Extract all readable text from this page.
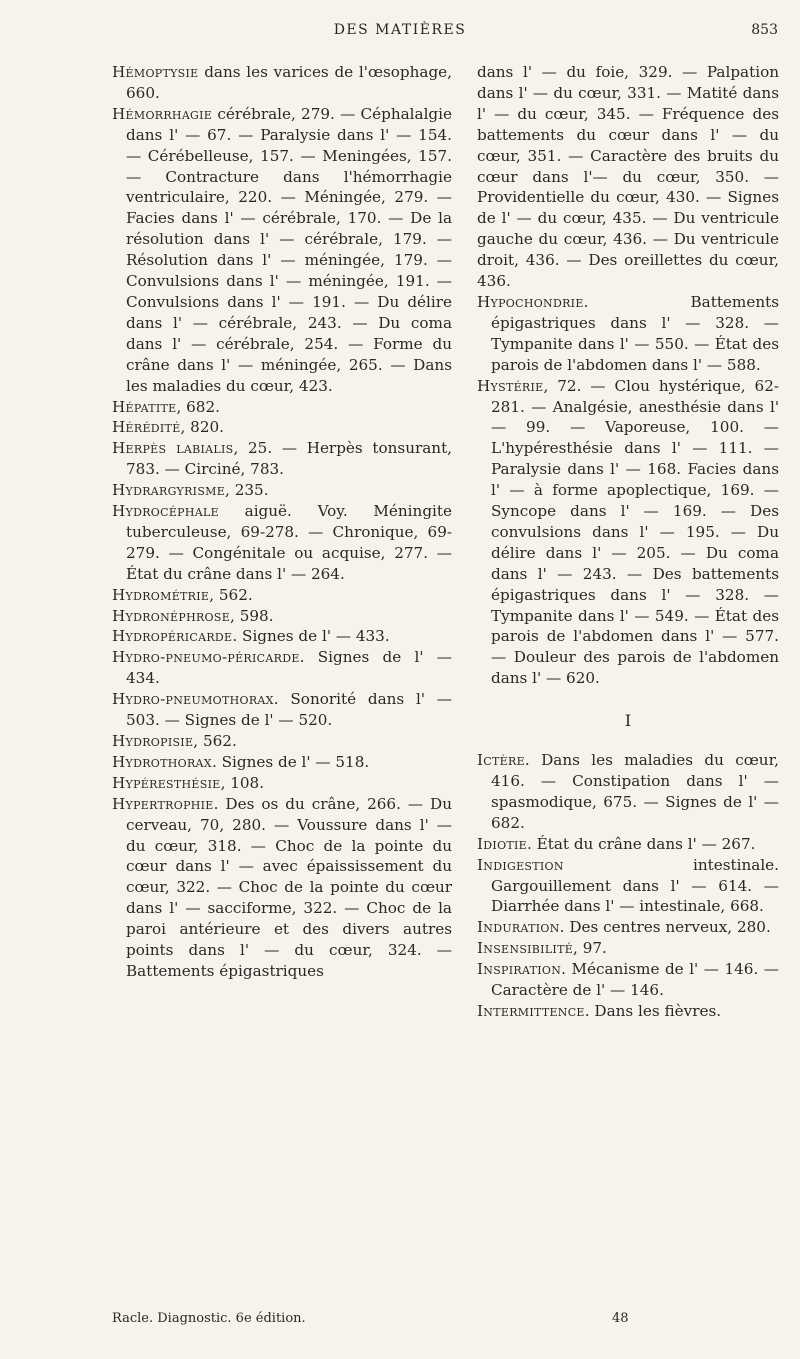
DES MATIÈRES	853

Hémoptysie dans les varices de l'œsophage, 660.

Hémorrhagie cérébrale, 279. — Céphalalgie dans l' — 67. — Paralysie dans l' — 154. — Cérébelleuse, 157. — Meningées, 157. — Contracture dans l'hémorrhagie ventriculaire, 220. — Méningée, 279. — Facies dans l' — cérébrale, 170. — De la résolution dans l' — cérébrale, 179. — Résolution dans l' — méningée, 179. — Convulsions dans l' — méningée, 191. — Convulsions dans l' — 191. — Du délire dans l' — cérébrale, 243. — Du coma dans l' — cérébrale, 254. — Forme du crâne dans l' — méningée, 265. — Dans les maladies du cœur, 423.

Hépatite, 682.

Hérédité, 820.

Herpès labialis, 25. — Herpès tonsurant, 783. — Circiné, 783.

Hydrargyrisme, 235.

Hydrocéphale aiguë. Voy. Méningite tuberculeuse, 69-278. — Chronique, 69-279. — Congénitale ou acquise, 277. — État du crâne dans l' — 264.

Hydrométrie, 562.

Hydronéphrose, 598.

Hydropéricarde. Signes de l' — 433.

Hydro-pneumo-péricarde. Signes de l' — 434.

Hydro-pneumothorax. Sonorité dans l' — 503. — Signes de l' — 520.

Hydropisie, 562.

Hydrothorax. Signes de l' — 518.

Hypéresthésie, 108.

Hypertrophie. Des os du crâne, 266. — Du cerveau, 70, 280. — Voussure dans l' — du cœur, 318. — Choc de la pointe du cœur dans l' — avec épaississement du cœur, 322. — Choc de la pointe du cœur dans l' — sacciforme, 322. — Choc de la paroi antérieure et des divers autres points dans l' — du cœur, 324. — Battements épigastriques

dans l' — du foie, 329. — Palpation dans l' — du cœur, 331. — Matité dans l' — du cœur, 345. — Fréquence des battements du cœur dans l' — du cœur, 351. — Caractère des bruits du cœur dans l'— du cœur, 350. — Providentielle du cœur, 430. — Signes de l' — du cœur, 435. — Du ventricule gauche du cœur, 436. — Du ventricule droit, 436. — Des oreillettes du cœur, 436.

Hypochondrie. Battements épigastriques dans l' — 328. — Tympanite dans l' — 550. — État des parois de l'abdomen dans l' — 588.

Hystérie, 72. — Clou hystérique, 62-281. — Analgésie, anesthésie dans l' — 99. — Vaporeuse, 100. — L'hypéresthésie dans l' — 111. — Paralysie dans l' — 168. Facies dans l' — à forme apoplectique, 169. — Syncope dans l' — 169. — Des convulsions dans l' — 195. — Du délire dans l' — 205. — Du coma dans l' — 243. — Des battements épigastriques dans l' — 328. — Tympanite dans l' — 549. — État des parois de l'abdomen dans l' — 577. — Douleur des parois de l'abdomen dans l' — 620.

I

Ictère. Dans les maladies du cœur, 416. — Constipation dans l' — spasmodique, 675. — Signes de l' — 682.

Idiotie. État du crâne dans l' — 267.

Indigestion intestinale. Gargouillement dans l' — 614. — Diarrhée dans l' — intestinale, 668.

Induration. Des centres nerveux, 280.

Insensibilité, 97.

Inspiration. Mécanisme de l' — 146. — Caractère de l' — 146.

Intermittence. Dans les fièvres.

Racle. Diagnostic. 6e édition.	48
